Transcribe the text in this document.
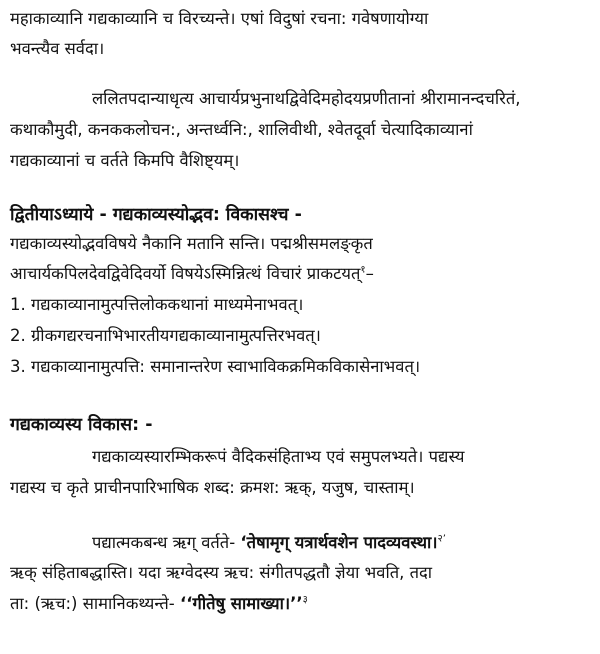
महाकाव्यानि गद्यकाव्यानि च विरच्यन्ते। एषां विदुषां रचना: गवेषणायोग्या
भवन्त्यैव सर्वदा।
ललितपदान्याधृत्य आचार्यप्रभुनाथद्विवेदिमहोदयप्रणीतानां श्रीरामानन्दचरितं,
कथाकौमुदी, कनककलोचन:, अन्तर्ध्वनि:, शालिवीथी, श्वेतदूर्वा चेत्यादिकाव्यानां
गद्यकाव्यानां च वर्तते किमपि वैशिष्ट्यम्।
द्वितीयाऽध्याये - गद्यकाव्यस्योद्भव: विकासश्च -
गद्यकाव्यस्योद्भवविषये नैकानि मतानि सन्ति। पद्मश्रीसमलङ्कृत
आचार्यकपिलदेवद्विवेदिवर्यो विषयेऽस्मिन्नित्थं विचारं प्राकटयत्$^१$–
1. गद्यकाव्यानामुत्पत्तिलोककथानां माध्यमेनाभवत्।
2. ग्रीकगद्यरचनाभिभारतीयगद्यकाव्यानामुत्पत्तिरभवत्।
3. गद्यकाव्यानामुत्पत्ति: समानान्तरेण स्वाभाविकक्रमिकविकासेनाभवत्।
गद्यकाव्यस्य विकास: -
गद्यकाव्यस्यारम्भिकरूपं वैदिकसंहिताभ्य एवं समुपलभ्यते। पद्यस्य
गद्यस्य च कृते प्राचीनपारिभाषिक शब्द: क्रमश: ऋक्, यजुष, चास्ताम्।
पद्यात्मकबन्ध ऋग् वर्तते- ‘तेषामृग् यत्रार्थवशेन पादव्यवस्था।$^{२’}$
ऋक् संहिताबद्धास्ति। यदा ऋग्वेदस्य ऋच: संगीतपद्धतौ ज्ञेया भवति, तदा
ता: (ऋच:) सामानिकथ्यन्ते- ‘‘गीतेषु सामाख्या।’’$^३$
